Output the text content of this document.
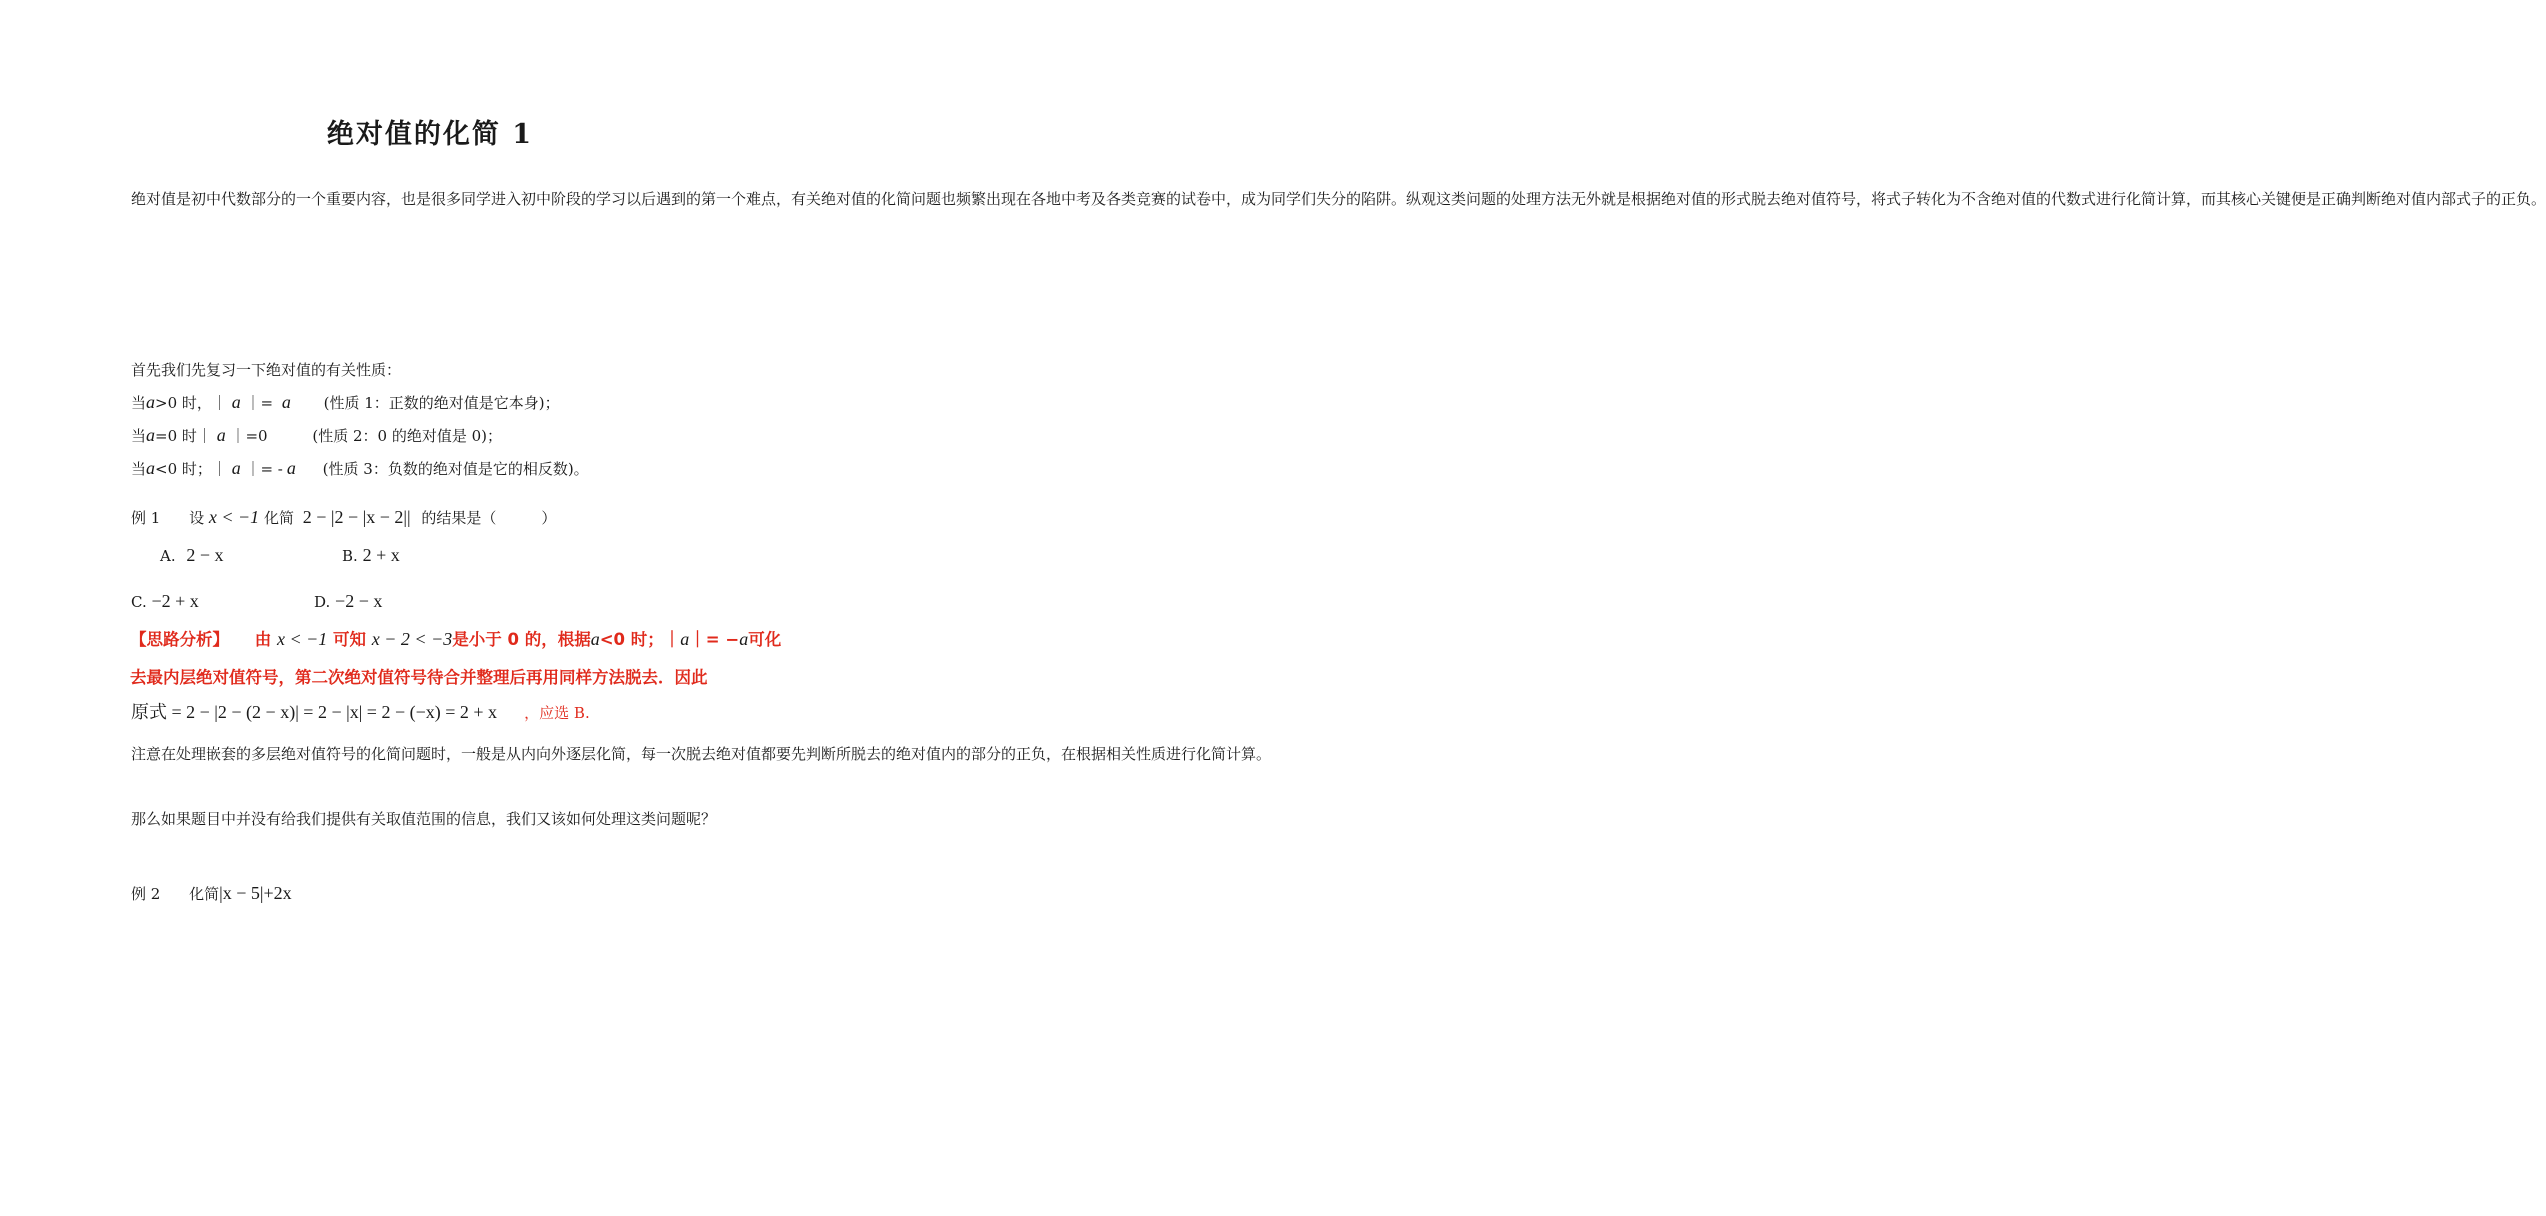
绝对值的化简 1
绝对值是初中代数部分的一个重要内容，也是很多同学进入初中阶段的学习以后遇到的第一个难点，有关绝对值的化简问题也频繁出现在各地中考及各类竞赛的试卷中，成为同学们失分的陷阱。纵观这类问题的处理方法无外就是根据绝对值的形式脱去绝对值符号，将式子转化为不含绝对值的代数式进行化简计算，而其核心关键便是正确判断绝对值内部式子的正负。
首先我们先复习一下绝对值的有关性质：
当a>0 时，｜ a ｜= a (性质 1：正数的绝对值是它本身)；
当a=0 时｜ a ｜=0	(性质 2：0 的绝对值是 0)；
当a<0 时；｜ a ｜= - a (性质 3：负数的绝对值是它的相反数)。
例 1 设 x < −1 化简 2 − |2 − |x − 2|| 的结果是（　　　）
A. 2 − x	B. 2 + x
C. −2 + x	D. −2 − x
【思路分析】 由 x < −1 可知 x − 2 < −3是小于 0 的，根据a<0 时；｜a｜= −a可化
去最内层绝对值符号，第二次绝对值符号待合并整理后再用同样方法脱去．因此
原式 = 2 − |2 − (2 − x)| = 2 − |x| = 2 − (−x) = 2 + x ，应选 B.
注意在处理嵌套的多层绝对值符号的化简问题时，一般是从内向外逐层化简，每一次脱去绝对值都要先判断所脱去的绝对值内的部分的正负，在根据相关性质进行化简计算。
那么如果题目中并没有给我们提供有关取值范围的信息，我们又该如何处理这类问题呢？
例 2 化简|x − 5|+2x
